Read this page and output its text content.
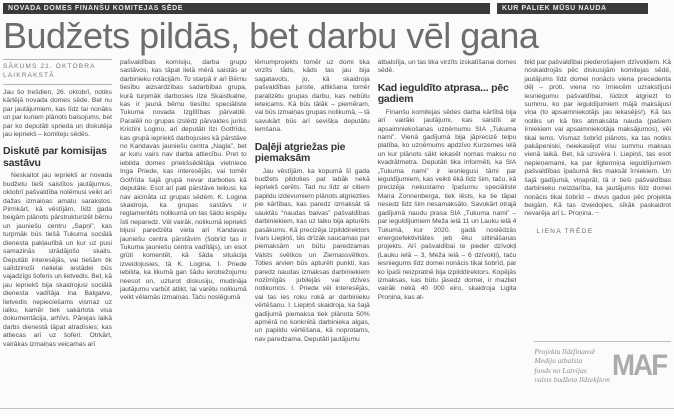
NOVADA DOMES FINANŠU KOMITEJAS SĒDE	KUR PALIEK MŪSU NAUDA
Budžets pildās, bet darbu vēl gana
SĀKUMS 21. OKTOBRA
LAIKRAKSTĀ

Jau šo trešdien, 26. oktobrī, notiks kārtējā novada domes sēde. Bet nu par jautājumiem, kas līdz tai nonāks un par kuriem plānots balsojums, bet par ko deputāti sprieda un diskutēja jau iepriekš – komiteju sēdēs.

Diskutē par komisijas sastāvu

Neskaitot jau iepriekš ar novada budžetu tieši saistītos jautājumus, oktobrī pašvaldība nolēmusi veikt arī dažas izmaiņas amatu sarakstos. Pirmkārt, kā vēstījām, līdz gada beigām plānots pārstrukturizēt bērnu un jauniešu centru „Sapņi”, kas turpmāk būs tiešā Tukuma sociālā dienesta pakļautībā un kur uz pusi samazinās strādājošo skaits. Deputāti interesējās, vai tiešām tik salīdzinoši nelielai iestādei būs vajadzīgs šoferis un lietvedis. Bet, kā jau iepriekš bija skaidrojusi sociālā dienesta vadītāja Ina Balgalve, lietvedis nepieciešams vismaz uz laiku, kamēr tiek sakārtota visa dokumentācija, arhīvs. Pārejas laikā darbs dienestā tāpat atradīsies; kas attiecas arī uz šoferi. Otrkārt, vairākas izmaiņas veicamas arī

pašvaldības komisiju, darba grupu sastāvos, kas tāpat lielā mērā saistās ar darbinieku rotācijām. To starpā ir arī Bērnu tiesību aizsardzības sadarbības grupa, kurā turpmāk darbosies Ilze Skaistkalne, kas ir jaunā bērnu tiesību speciāliste Tukuma novada Izglītības pārvaldē. Paralēli no grupas izslēdz pārvaldes juristi Kristīni Loginu, arī deputāti Ilzi Gotfrīdu, kas grupā iepriekš darbojusies kā pārstāve no Kandavas jauniešu centra „Nagla”, bet ar kuru vairs nav darba attiecību. Pret to iebilda domes priekšsēdētāja vietniece Inga Priede, kas interesējās, vai tomēr Gotfrīda šajā grupā nevar darboties kā deputāte. Esot arī pati pārstāve teikusi, ka nav aicināta uz grupas sēdēm. K. Logina skaidroja, ka grupas sastāvs ir reglamentēts nolikumā un tas šādu iespēju īsti neparedz. Vēl vairāk, nolikumā iepriekš bijusi paredzēta vieta arī Kandavas jauniešu centra pārstāvim (šobrīd tas ir Tukuma jauniešu centra vadītājs), un esot grūti komentēt, kā šāda situācija izveidojusies, tā K. Logina. I. Priede iebilda, ka likumā gan šādu ierobežojumu neesot un, uzturot diskusiju, mudināja jautājumu varbūt atlikt, lai varētu nolikumā veikt vēlamās izmaiņas. Taču noslēgumā

lēmumprojekts tomēr uz domi tika virzīts tāds, kāds tas jau bija sagatavots, jo, kā skaidroja pašvaldības juriste, atlikšana tomēr paralizētu grupas darbu, kas nebūtu ieteicams. Kā būs tālāk – piemēram, vai būs izmaiņas grupas nolikumā, – tā savukārt būs arī sevišķa deputātu lemšana.

Daļēji atgriežas pie piemaksām

Jau vēstījām, ka kopumā šī gada budžets pildoties pat labāk nekā iepriekš cerēts. Tad nu līdz ar citiem papildu izdevumiem plānots atgriezties pie kārtības, kas paredz izmaksāt tā sauktās “naudas balvas” pašvaldības darbiniekiem, kas uz laiku bija apturēts pasākums. Kā precizēja izpilddirektors Ivars Liepiņš, tās drīzāk saucamas par piemaksām un būtu paredzamas Valsts svētkos un Ziemassvētkos. Toties arvien būs apturēti punkti, kas paredz naudas izmaksas darbiniekiem nozīmīgās jubilejās vai dzīves notikumos. I. Priede vēl interesējās, vai tas ies roku rokā ar darbinieku vērtēšanu. I. Liepiņš skaidroja, ka šajā gadījumā piemaksa tiek plānota 50% apmērā no konkrētā darbinieka algas, un papildu vērtēšana, kā noprotams, nav paredzama. Deputāti jautājumu

atbalstīja, un tas tika virzīts izskatīšanai domes sēdē.

Kad ieguldīto atprasa... pēc gadiem

Finanšu komitejas sēdes darba kārtībā bija arī vairāki jautājumi, kas saistīti ar apsaimniekošanas uzņēmumu SIA „Tukuma nami”. Vienā gadījumā bija jāprecizē telpu platība, ko uzņēmums apdzīvo Kurzemes ielā un kur plānots sākt iekasēt nomas maksu no kvadrātmetra. Deputāti tika informēti, ka SIA „Tukuma nami” ir iesniegusi tāmi par ieguldījumiem, kas veikti ēkā līdz šim, taču, kā precizēja nekustamo īpašumu speciāliste Maira Zonnenberga, tiek lēsts, ka tie tāpat nesedz līdz šim nesamaksāto. Savukārt otrajā gadījumā naudu prasa SIA „Tukuma nami” – par ieguldījumiem Meža ielā 11 un Lauku ielā 4 Tukumā, kur 2020. gadā noslēdzās energoefektivitātes jeb ēku siltināšanas projekts. Arī pašvaldībai te pieder dzīvokļi (Lauku ielā – 3, Meža ielā – 6 dzīvokļi), taču iesniegums līdz domei nonācis tikai šobrīd, par ko īpaši neizpratnē bija izpilddirektors. Kopējās izmaksas, kas būtu jāsedz domei, ir mazliet vairāk nekā 40 000 eiro, skaidroja Ligita Proņina, kas at-

bild par pašvaldībai piederošajiem dzīvokļiem. Kā noskaidrojās pēc diskusijām komitejas sēdē, jautājums līdz domei nonācis viena precedenta dēļ – proti, viena no īrniecēm uzrakstījusi iesniegumu pašvaldībai, lūdzot atgriezt to summu, ko par ieguldījumiem mājā maksājusi viņa (to apsaimniekotājs jau iekasējis!). Kā tas notiks un kā tiks atmaksāta nauda (pašiem īrniekiem vai apsaimniekotāja maksājumos), vēl tikai lems. Vismaz šobrīd plānots, ka tas notiks pakāpeniski, neiekasējot visu summu maksas vienā laikā. Bet, kā uzsvēra I. Liepiņš, tas esot nepieņemami, ka par ilgtermiņa ieguldījumiem pašvaldības īpašumā liks maksāt īrniekiem. Un šajā gadījumā, viņaprāt, tā ir tieši pašvaldības darbinieku neizdarība, ka jautājums līdz domei nonācis tikai šobrīd – divus gadus pēc projekta beigām. Kā tas izveidojies, sīkāk paskaidrot nevarēja arī L. Proņina. ~

LIENA TRĒDE
Projektu līdzfinansē
Mediju atbalsta
fonds no Latvijas
valsts budžeta līdzekļiem MAF
